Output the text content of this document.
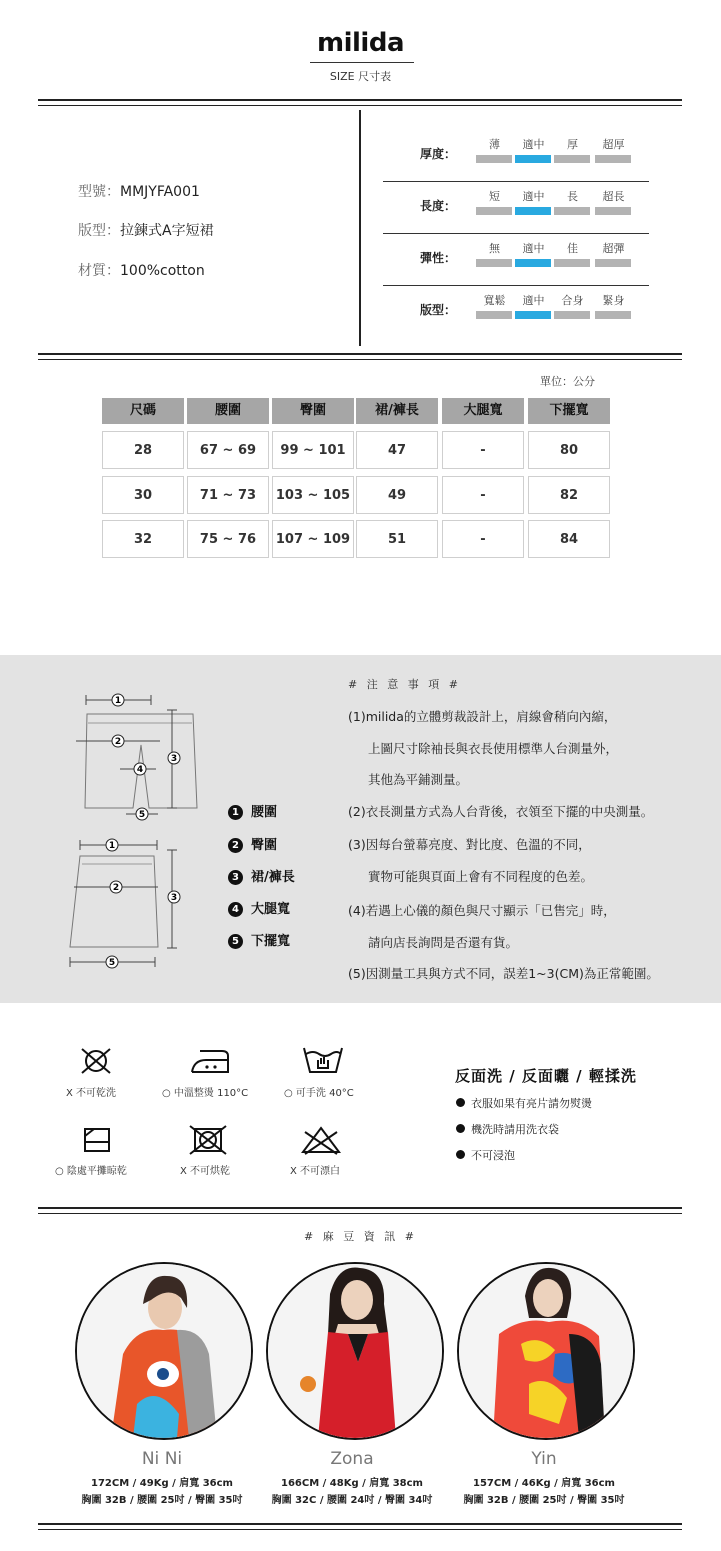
milida
SIZE 尺寸表
型號：MMJYFA001
版型：拉鍊式A字短裙
材質：100%cotton
厚度：
薄	適中	厚	超厚
長度：
短	適中	長	超長
彈性：
無	適中	佳	超彈
版型：
寬鬆	適中	合身	緊身
單位：公分
尺碼	腰圍	臀圍	裙/褲長	大腿寬	下擺寬
28	67 ~ 69	99 ~ 101	47	-	80
30	71 ~ 73	103 ~ 105	49	-	82
32	75 ~ 76	107 ~ 109	51	-	84
1
2
3
4
5
1
2
3
5
1 腰圍
2 臀圍
3 裙/褲長
4 大腿寬
5 下擺寬
# 注 意 事 項 #
(1)milida的立體剪裁設計上，肩線會稍向內縮，
上圖尺寸除袖長與衣長使用標準人台測量外，
其他為平鋪測量。
(2)衣長測量方式為人台背後，衣領至下擺的中央測量。
(3)因每台螢幕亮度、對比度、色溫的不同，
實物可能與頁面上會有不同程度的色差。
(4)若遇上心儀的顏色與尺寸顯示「已售完」時，
請向店長詢問是否還有貨。
(5)因測量工具與方式不同，誤差1~3(CM)為正常範圍。
X 不可乾洗	○ 中溫整燙 110°C	○ 可手洗 40°C
○ 陰處平攤晾乾	X 不可烘乾	X 不可漂白
反面洗 / 反面曬 / 輕揉洗
衣服如果有亮片請勿熨燙
機洗時請用洗衣袋
不可浸泡
# 麻 豆 資 訊 #
Ni Ni
172CM / 49Kg / 肩寬 36cm
胸圍 32B / 腰圍 25吋 / 臀圍 35吋
Zona
166CM / 48Kg / 肩寬 38cm
胸圍 32C / 腰圍 24吋 / 臀圍 34吋
Yin
157CM / 46Kg / 肩寬 36cm
胸圍 32B / 腰圍 25吋 / 臀圍 35吋
